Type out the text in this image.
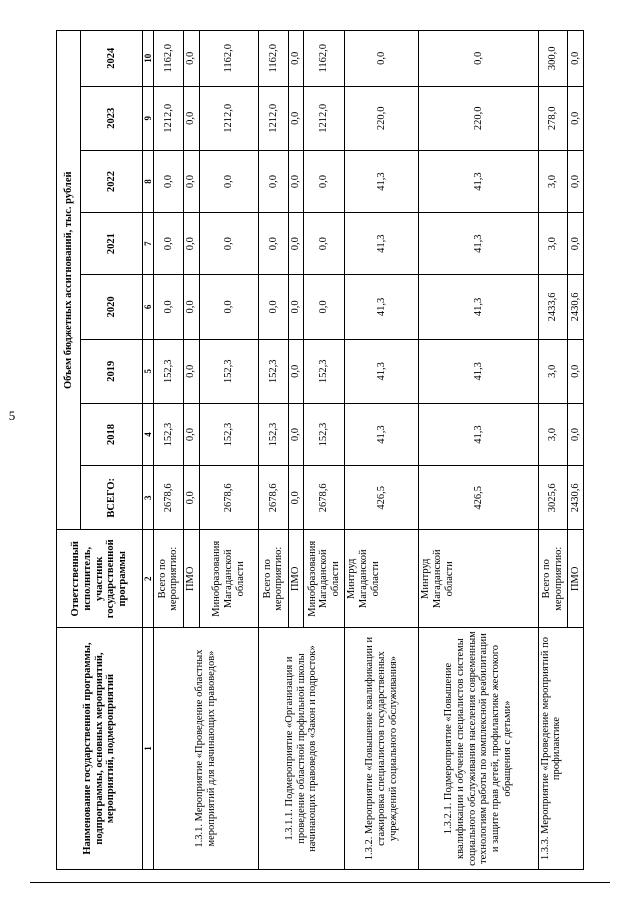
5
Наименование государственной программы, подпрограммы, основных мероприятий, мероприятий, подмероприятий	Ответственный исполнитель, участник государственной программы	Объем бюджетных ассигнований, тыс. рублей							
		ВСЕГО:	2018	2019	2020	2021	2022	2023	2024
1	2	3	4	5	6	7	8	9	10
1.3.1. Мероприятие «Проведение областных мероприятий для начинающих правоведов»	Всего по мероприятию:	2678,6	152,3	152,3	0,0	0,0	0,0	1212,0	1162,0
	ПМО	0,0	0,0	0,0	0,0	0,0	0,0	0,0	0,0
	Минобразования Магаданской области	2678,6	152,3	152,3	0,0	0,0	0,0	1212,0	1162,0
1.3.1.1. Подмероприятие «Организация и проведение областной профильной школы начинающих правоведов «Закон и подросток»	Всего по мероприятию:	2678,6	152,3	152,3	0,0	0,0	0,0	1212,0	1162,0
	ПМО	0,0	0,0	0,0	0,0	0,0	0,0	0,0	0,0
	Минобразования Магаданской области	2678,6	152,3	152,3	0,0	0,0	0,0	1212,0	1162,0
1.3.2. Мероприятие «Повышение квалификации и стажировка специалистов государственных учреждений социального обслуживания»	Минтруд Магаданской области	426,5	41,3	41,3	41,3	41,3	41,3	220,0	0,0
1.3.2.1. Подмероприятие «Повышение квалификации и обучение специалистов системы социального обслуживания населения современным технологиям работы по комплексной реабилитации и защите прав детей, профилактике жестокого обращения с детьми»	Минтруд Магаданской области	426,5	41,3	41,3	41,3	41,3	41,3	220,0	0,0
1.3.3. Мероприятие «Проведение мероприятий по профилактике	Всего по мероприятию:	3025,6	3,0	3,0	2433,6	3,0	3,0	278,0	300,0
	ПМО	2430,6	0,0	0,0	2430,6	0,0	0,0	0,0	0,0
